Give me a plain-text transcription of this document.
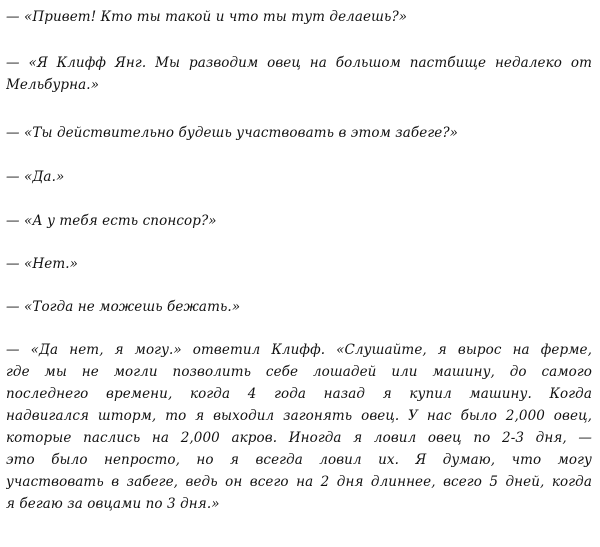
— «Привет! Кто ты такой и что ты тут делаешь?»
— «Я Клифф Янг. Мы разводим овец на большом пастбище недалеко от
Мельбурна.»
— «Ты действительно будешь участвовать в этом забеге?»
— «Да.»
— «А у тебя есть спонсор?»
— «Нет.»
— «Тогда не можешь бежать.»
— «Да нет, я могу.» ответил Клифф. «Слушайте, я вырос на ферме,
где мы не могли позволить себе лошадей или машину, до самого
последнего времени, когда 4 года назад я купил машину. Когда
надвигался шторм, то я выходил загонять овец. У нас было 2,000 овец,
которые паслись на 2,000 акров. Иногда я ловил овец по 2-3 дня, —
это было непросто, но я всегда ловил их. Я думаю, что могу
участвовать в забеге, ведь он всего на 2 дня длиннее, всего 5 дней, когда
я бегаю за овцами по 3 дня.»
